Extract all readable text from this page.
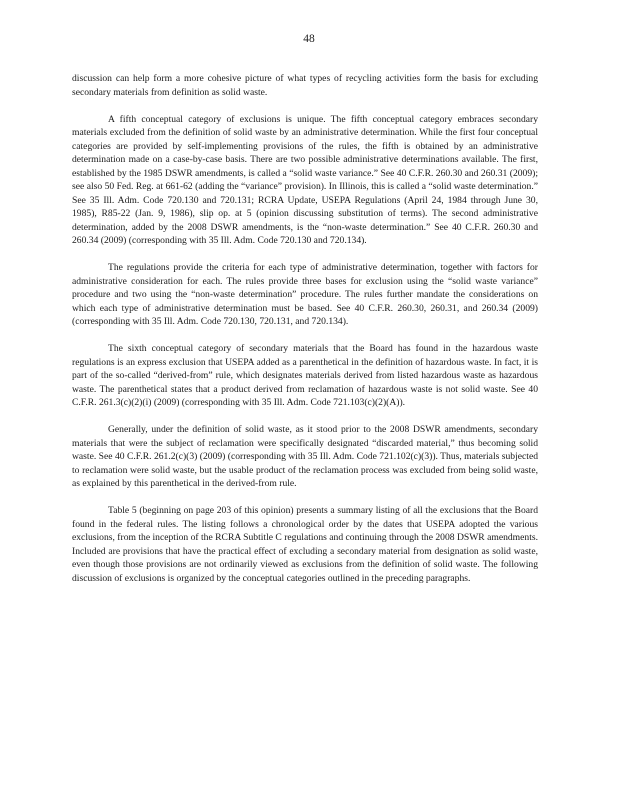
48

discussion can help form a more cohesive picture of what types of recycling activities form the basis for excluding secondary materials from definition as solid waste.

A fifth conceptual category of exclusions is unique. The fifth conceptual category embraces secondary materials excluded from the definition of solid waste by an administrative determination. While the first four conceptual categories are provided by self-implementing provisions of the rules, the fifth is obtained by an administrative determination made on a case-by-case basis. There are two possible administrative determinations available. The first, established by the 1985 DSWR amendments, is called a “solid waste variance.” See 40 C.F.R. 260.30 and 260.31 (2009); see also 50 Fed. Reg. at 661-62 (adding the “variance” provision). In Illinois, this is called a “solid waste determination.” See 35 Ill. Adm. Code 720.130 and 720.131; RCRA Update, USEPA Regulations (April 24, 1984 through June 30, 1985), R85-22 (Jan. 9, 1986), slip op. at 5 (opinion discussing substitution of terms). The second administrative determination, added by the 2008 DSWR amendments, is the “non-waste determination.” See 40 C.F.R. 260.30 and 260.34 (2009) (corresponding with 35 Ill. Adm. Code 720.130 and 720.134).

The regulations provide the criteria for each type of administrative determination, together with factors for administrative consideration for each. The rules provide three bases for exclusion using the “solid waste variance” procedure and two using the “non-waste determination” procedure. The rules further mandate the considerations on which each type of administrative determination must be based. See 40 C.F.R. 260.30, 260.31, and 260.34 (2009) (corresponding with 35 Ill. Adm. Code 720.130, 720.131, and 720.134).

The sixth conceptual category of secondary materials that the Board has found in the hazardous waste regulations is an express exclusion that USEPA added as a parenthetical in the definition of hazardous waste. In fact, it is part of the so-called “derived-from” rule, which designates materials derived from listed hazardous waste as hazardous waste. The parenthetical states that a product derived from reclamation of hazardous waste is not solid waste. See 40 C.F.R. 261.3(c)(2)(i) (2009) (corresponding with 35 Ill. Adm. Code 721.103(c)(2)(A)).

Generally, under the definition of solid waste, as it stood prior to the 2008 DSWR amendments, secondary materials that were the subject of reclamation were specifically designated “discarded material,” thus becoming solid waste. See 40 C.F.R. 261.2(c)(3) (2009) (corresponding with 35 Ill. Adm. Code 721.102(c)(3)). Thus, materials subjected to reclamation were solid waste, but the usable product of the reclamation process was excluded from being solid waste, as explained by this parenthetical in the derived-from rule.

Table 5 (beginning on page 203 of this opinion) presents a summary listing of all the exclusions that the Board found in the federal rules. The listing follows a chronological order by the dates that USEPA adopted the various exclusions, from the inception of the RCRA Subtitle C regulations and continuing through the 2008 DSWR amendments. Included are provisions that have the practical effect of excluding a secondary material from designation as solid waste, even though those provisions are not ordinarily viewed as exclusions from the definition of solid waste. The following discussion of exclusions is organized by the conceptual categories outlined in the preceding paragraphs.
